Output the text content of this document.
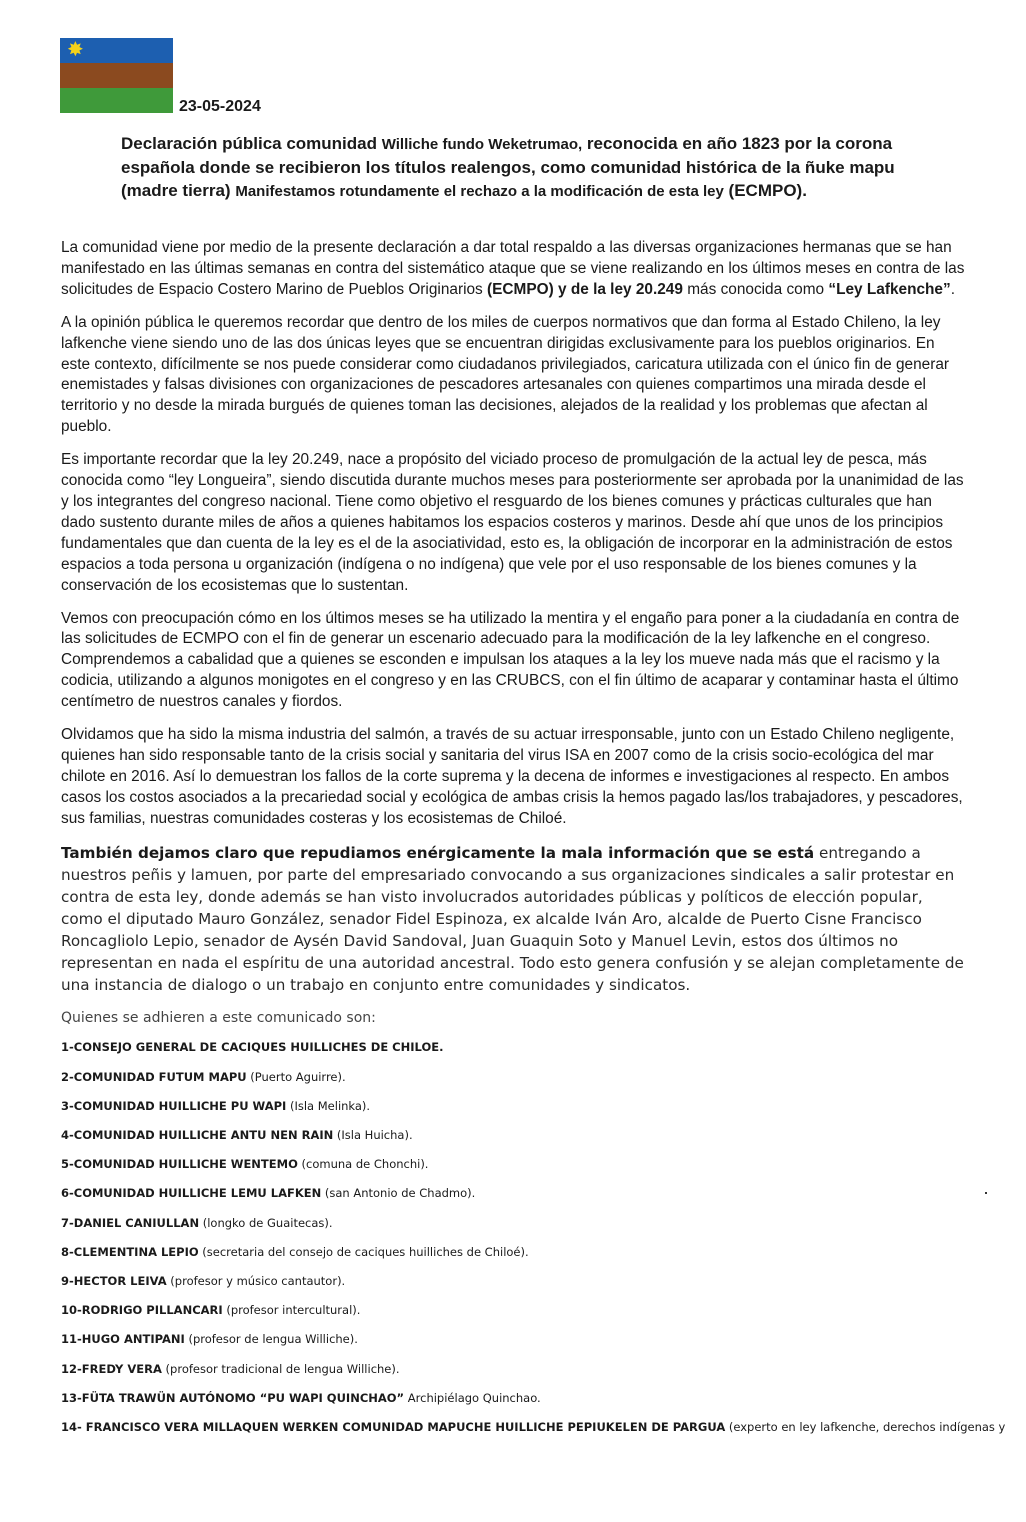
✸
23-05-2024
Declaración pública comunidad Williche fundo Weketrumao, reconocida en año 1823 por la corona española donde se recibieron los títulos realengos, como comunidad histórica de la ñuke mapu (madre tierra) Manifestamos rotundamente el rechazo a la modificación de esta ley (ECMPO).

La comunidad viene por medio de la presente declaración a dar total respaldo a las diversas organizaciones hermanas que se han manifestado en las últimas semanas en contra del sistemático ataque que se viene realizando en los últimos meses en contra de las solicitudes de Espacio Costero Marino de Pueblos Originarios (ECMPO) y de la ley 20.249 más conocida como “Ley Lafkenche”.

A la opinión pública le queremos recordar que dentro de los miles de cuerpos normativos que dan forma al Estado Chileno, la ley lafkenche viene siendo uno de las dos únicas leyes que se encuentran dirigidas exclusivamente para los pueblos originarios. En este contexto, difícilmente se nos puede considerar como ciudadanos privilegiados, caricatura utilizada con el único fin de generar enemistades y falsas divisiones con organizaciones de pescadores artesanales con quienes compartimos una mirada desde el territorio y no desde la mirada burgués de quienes toman las decisiones, alejados de la realidad y los problemas que afectan al pueblo.

Es importante recordar que la ley 20.249, nace a propósito del viciado proceso de promulgación de la actual ley de pesca, más conocida como “ley Longueira”, siendo discutida durante muchos meses para posteriormente ser aprobada por la unanimidad de las y los integrantes del congreso nacional. Tiene como objetivo el resguardo de los bienes comunes y prácticas culturales que han dado sustento durante miles de años a quienes habitamos los espacios costeros y marinos. Desde ahí que unos de los principios fundamentales que dan cuenta de la ley es el de la asociatividad, esto es, la obligación de incorporar en la administración de estos espacios a toda persona u organización (indígena o no indígena) que vele por el uso responsable de los bienes comunes y la conservación de los ecosistemas que lo sustentan.

Vemos con preocupación cómo en los últimos meses se ha utilizado la mentira y el engaño para poner a la ciudadanía en contra de las solicitudes de ECMPO con el fin de generar un escenario adecuado para la modificación de la ley lafkenche en el congreso. Comprendemos a cabalidad que a quienes se esconden e impulsan los ataques a la ley los mueve nada más que el racismo y la codicia, utilizando a algunos monigotes en el congreso y en las CRUBCS, con el fin último de acaparar y contaminar hasta el último centímetro de nuestros canales y fiordos.

Olvidamos que ha sido la misma industria del salmón, a través de su actuar irresponsable, junto con un Estado Chileno negligente, quienes han sido responsable tanto de la crisis social y sanitaria del virus ISA en 2007 como de la crisis socio-ecológica del mar chilote en 2016. Así lo demuestran los fallos de la corte suprema y la decena de informes e investigaciones al respecto. En ambos casos los costos asociados a la precariedad social y ecológica de ambas crisis la hemos pagado las/los trabajadores, y pescadores, sus familias, nuestras comunidades costeras y los ecosistemas de Chiloé.

También dejamos claro que repudiamos enérgicamente la mala información que se está entregando a nuestros peñis y lamuen, por parte del empresariado convocando a sus organizaciones sindicales a salir protestar en contra de esta ley, donde además se han visto involucrados autoridades públicas y políticos de elección popular, como el diputado Mauro González, senador Fidel Espinoza, ex alcalde Iván Aro, alcalde de Puerto Cisne Francisco Roncagliolo Lepio, senador de Aysén David Sandoval, Juan Guaquin Soto y Manuel Levin, estos dos últimos no representan en nada el espíritu de una autoridad ancestral. Todo esto genera confusión y se alejan completamente de una instancia de dialogo o un trabajo en conjunto entre comunidades y sindicatos.

Quienes se adhieren a este comunicado son:
1-CONSEJO GENERAL DE CACIQUES HUILLICHES DE CHILOE.
2-COMUNIDAD FUTUM MAPU (Puerto Aguirre).
3-COMUNIDAD HUILLICHE PU WAPI (Isla Melinka).
4-COMUNIDAD HUILLICHE ANTU NEN RAIN (Isla Huicha).
5-COMUNIDAD HUILLICHE WENTEMO (comuna de Chonchi).
6-COMUNIDAD HUILLICHE LEMU LAFKEN (san Antonio de Chadmo).
7-DANIEL CANIULLAN (longko de Guaitecas).
8-CLEMENTINA LEPIO (secretaria del consejo de caciques huilliches de Chiloé).
9-HECTOR LEIVA (profesor y músico cantautor).
10-RODRIGO PILLANCARI (profesor intercultural).
11-HUGO ANTIPANI (profesor de lengua Williche).
12-FREDY VERA (profesor tradicional de lengua Williche).
13-FÜTA TRAWÜN AUTÓNOMO “PU WAPI QUINCHAO” Archipiélago Quinchao.
14- FRANCISCO VERA MILLAQUEN WERKEN COMUNIDAD MAPUCHE HUILLICHE PEPIUKELEN DE PARGUA (experto en ley lafkenche, derechos indígenas y
